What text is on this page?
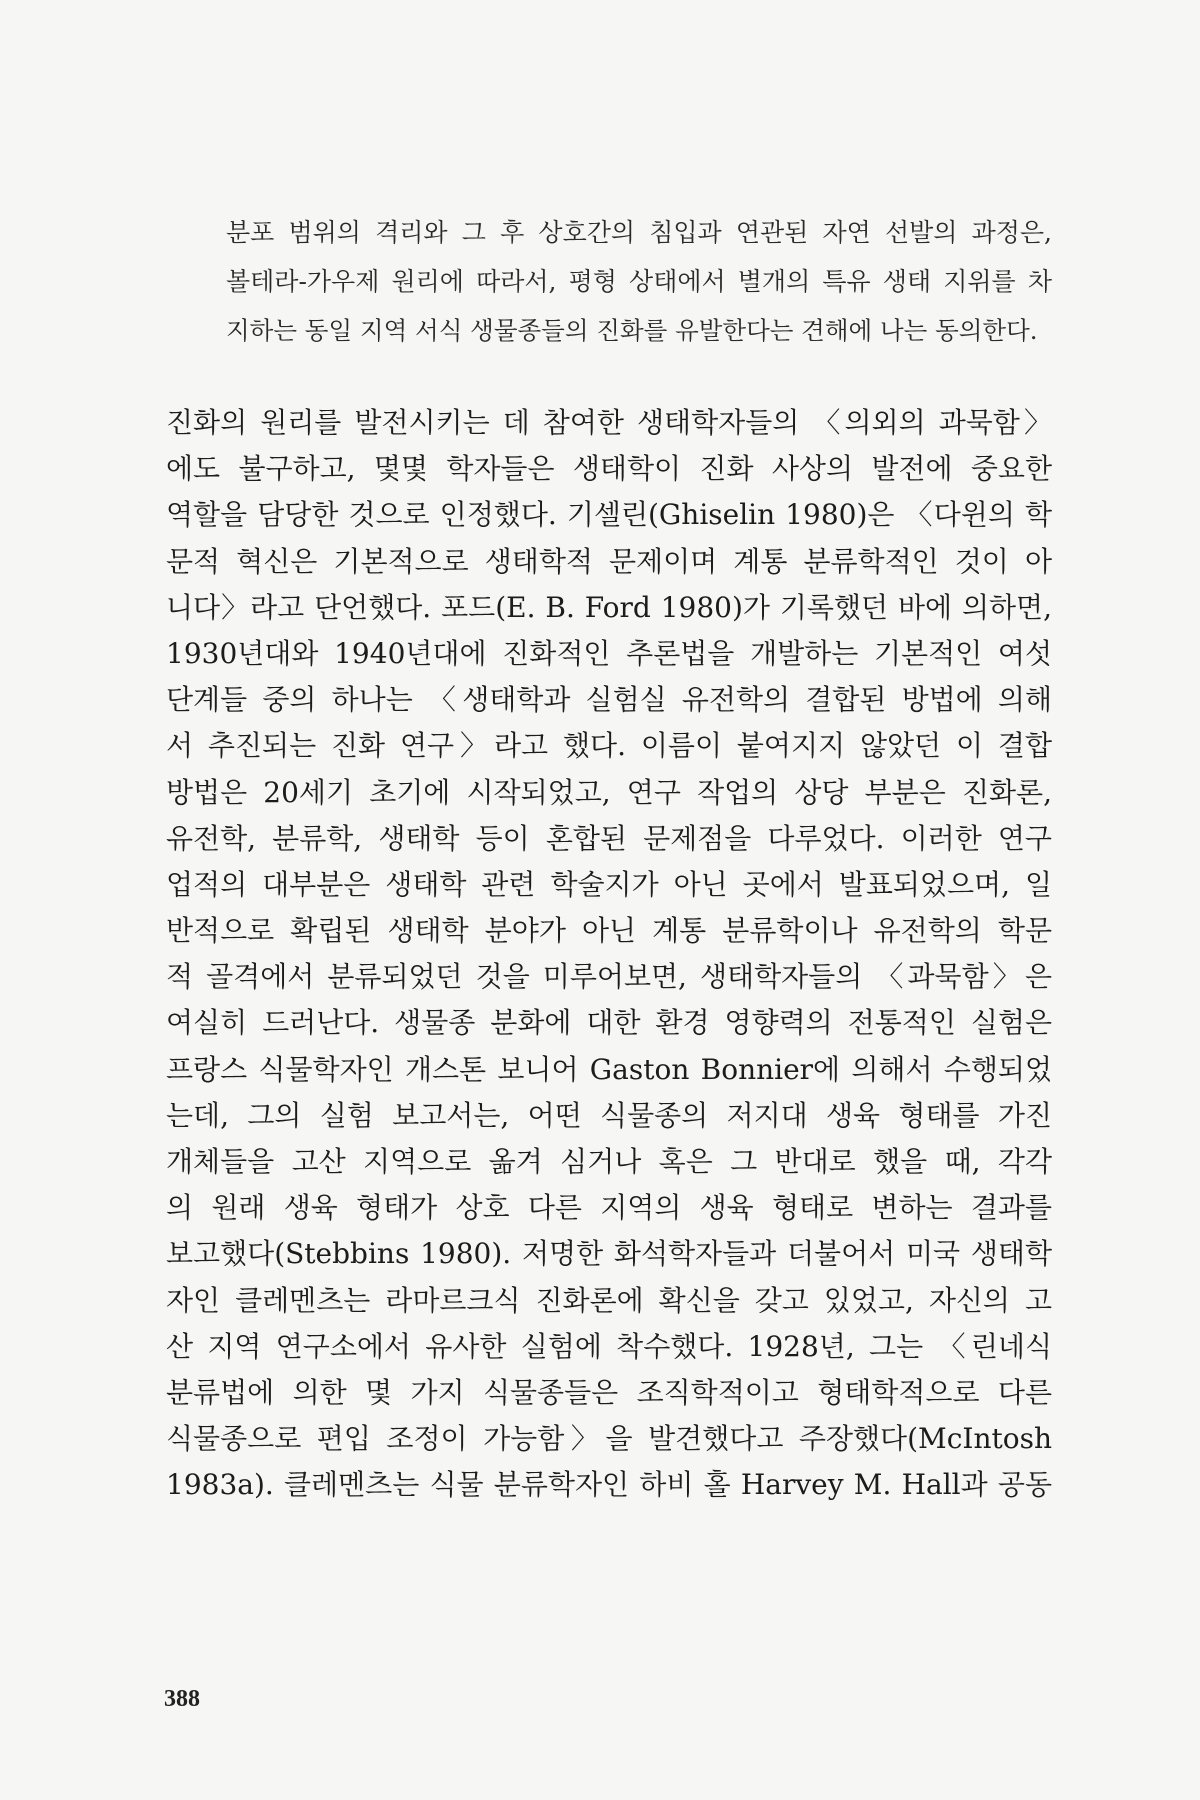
분포 범위의 격리와 그 후 상호간의 침입과 연관된 자연 선발의 과정은,
볼테라-가우제 원리에 따라서, 평형 상태에서 별개의 특유 생태 지위를 차
지하는 동일 지역 서식 생물종들의 진화를 유발한다는 견해에 나는 동의한다.
진화의 원리를 발전시키는 데 참여한 생태학자들의 〈의외의 과묵함〉
에도 불구하고, 몇몇 학자들은 생태학이 진화 사상의 발전에 중요한
역할을 담당한 것으로 인정했다. 기셀린(Ghiselin 1980)은 〈다윈의 학
문적 혁신은 기본적으로 생태학적 문제이며 계통 분류학적인 것이 아
니다〉라고 단언했다. 포드(E. B. Ford 1980)가 기록했던 바에 의하면,
1930년대와 1940년대에 진화적인 추론법을 개발하는 기본적인 여섯
단계들 중의 하나는 〈생태학과 실험실 유전학의 결합된 방법에 의해
서 추진되는 진화 연구〉라고 했다. 이름이 붙여지지 않았던 이 결합
방법은 20세기 초기에 시작되었고, 연구 작업의 상당 부분은 진화론,
유전학, 분류학, 생태학 등이 혼합된 문제점을 다루었다. 이러한 연구
업적의 대부분은 생태학 관련 학술지가 아닌 곳에서 발표되었으며, 일
반적으로 확립된 생태학 분야가 아닌 계통 분류학이나 유전학의 학문
적 골격에서 분류되었던 것을 미루어보면, 생태학자들의 〈과묵함〉은
여실히 드러난다. 생물종 분화에 대한 환경 영향력의 전통적인 실험은
프랑스 식물학자인 개스톤 보니어 Gaston Bonnier에 의해서 수행되었
는데, 그의 실험 보고서는, 어떤 식물종의 저지대 생육 형태를 가진
개체들을 고산 지역으로 옮겨 심거나 혹은 그 반대로 했을 때, 각각
의 원래 생육 형태가 상호 다른 지역의 생육 형태로 변하는 결과를
보고했다(Stebbins 1980). 저명한 화석학자들과 더불어서 미국 생태학
자인 클레멘츠는 라마르크식 진화론에 확신을 갖고 있었고, 자신의 고
산 지역 연구소에서 유사한 실험에 착수했다. 1928년, 그는 〈린네식
분류법에 의한 몇 가지 식물종들은 조직학적이고 형태학적으로 다른
식물종으로 편입 조정이 가능함〉을 발견했다고 주장했다(McIntosh
1983a). 클레멘츠는 식물 분류학자인 하비 홀 Harvey M. Hall과 공동
388
